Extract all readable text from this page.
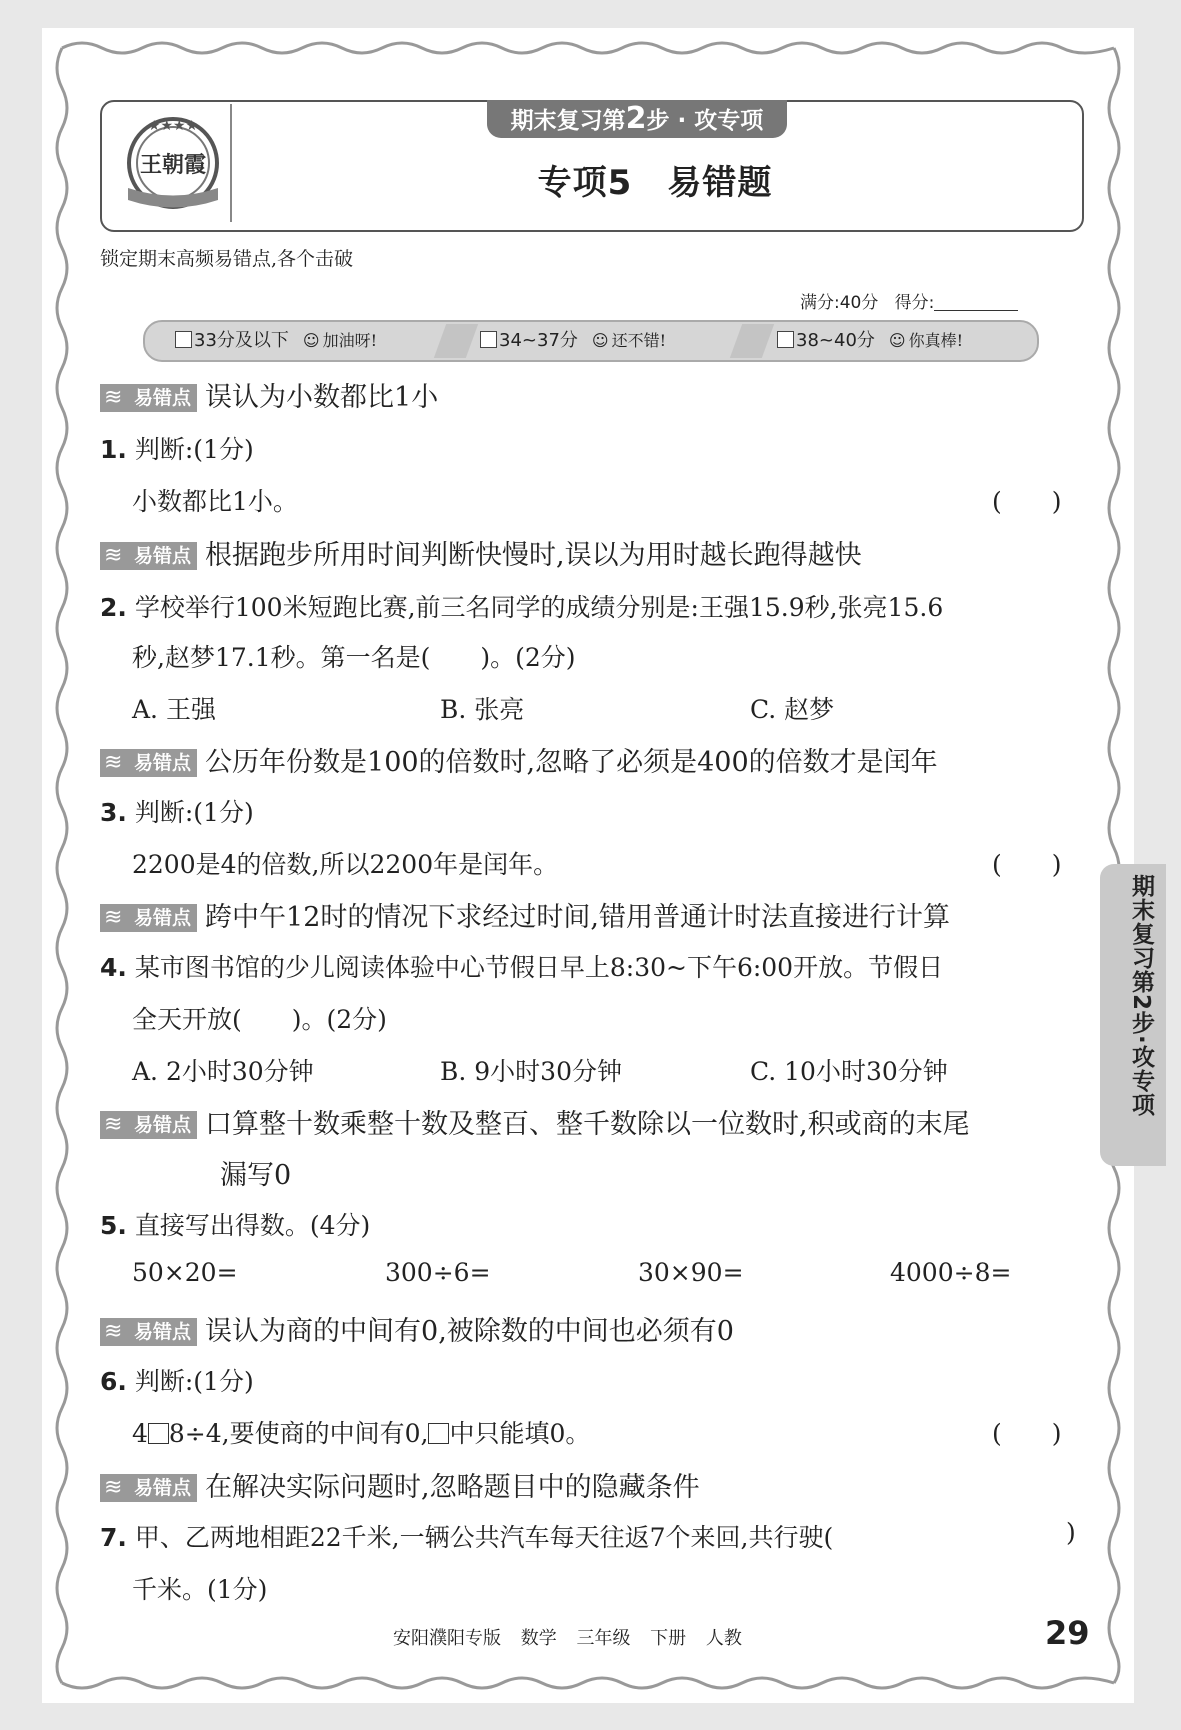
★★★★
王朝霞
期末复习第2步 · 攻专项
专项5　易错题
锁定期末高频易错点,各个击破
满分:40分 得分:
33分及以下 ☺ 加油呀!	34~37分 ☺ 还不错!	38~40分 ☺ 你真棒!
≋ 易错点 误认为小数都比1小
1. 判断:(1分)
小数都比1小。	(　　)
≋ 易错点 根据跑步所用时间判断快慢时,误以为用时越长跑得越快
2. 学校举行100米短跑比赛,前三名同学的成绩分别是:王强15.9秒,张亮15.6
秒,赵梦17.1秒。第一名是(　　)。(2分)
A. 王强	B. 张亮	C. 赵梦
≋ 易错点 公历年份数是100的倍数时,忽略了必须是400的倍数才是闰年
3. 判断:(1分)
2200是4的倍数,所以2200年是闰年。	(　　)
≋ 易错点 跨中午12时的情况下求经过时间,错用普通计时法直接进行计算
4. 某市图书馆的少儿阅读体验中心节假日早上8:30~下午6:00开放。节假日
全天开放(　　)。(2分)
A. 2小时30分钟	B. 9小时30分钟	C. 10小时30分钟
≋ 易错点 口算整十数乘整十数及整百、整千数除以一位数时,积或商的末尾
漏写0
5. 直接写出得数。(4分)
50×20=	300÷6=	30×90=	4000÷8=
≋ 易错点 误认为商的中间有0,被除数的中间也必须有0
6. 判断:(1分)
4 8÷4,要使商的中间有0, 中只能填0。	(　　)
≋ 易错点 在解决实际问题时,忽略题目中的隐藏条件
7. 甲、乙两地相距22千米,一辆公共汽车每天往返7个来回,共行驶(	)
千米。(1分)
期末复习第2步·攻专项
安阳濮阳专版 数学 三年级 下册 人教	29
